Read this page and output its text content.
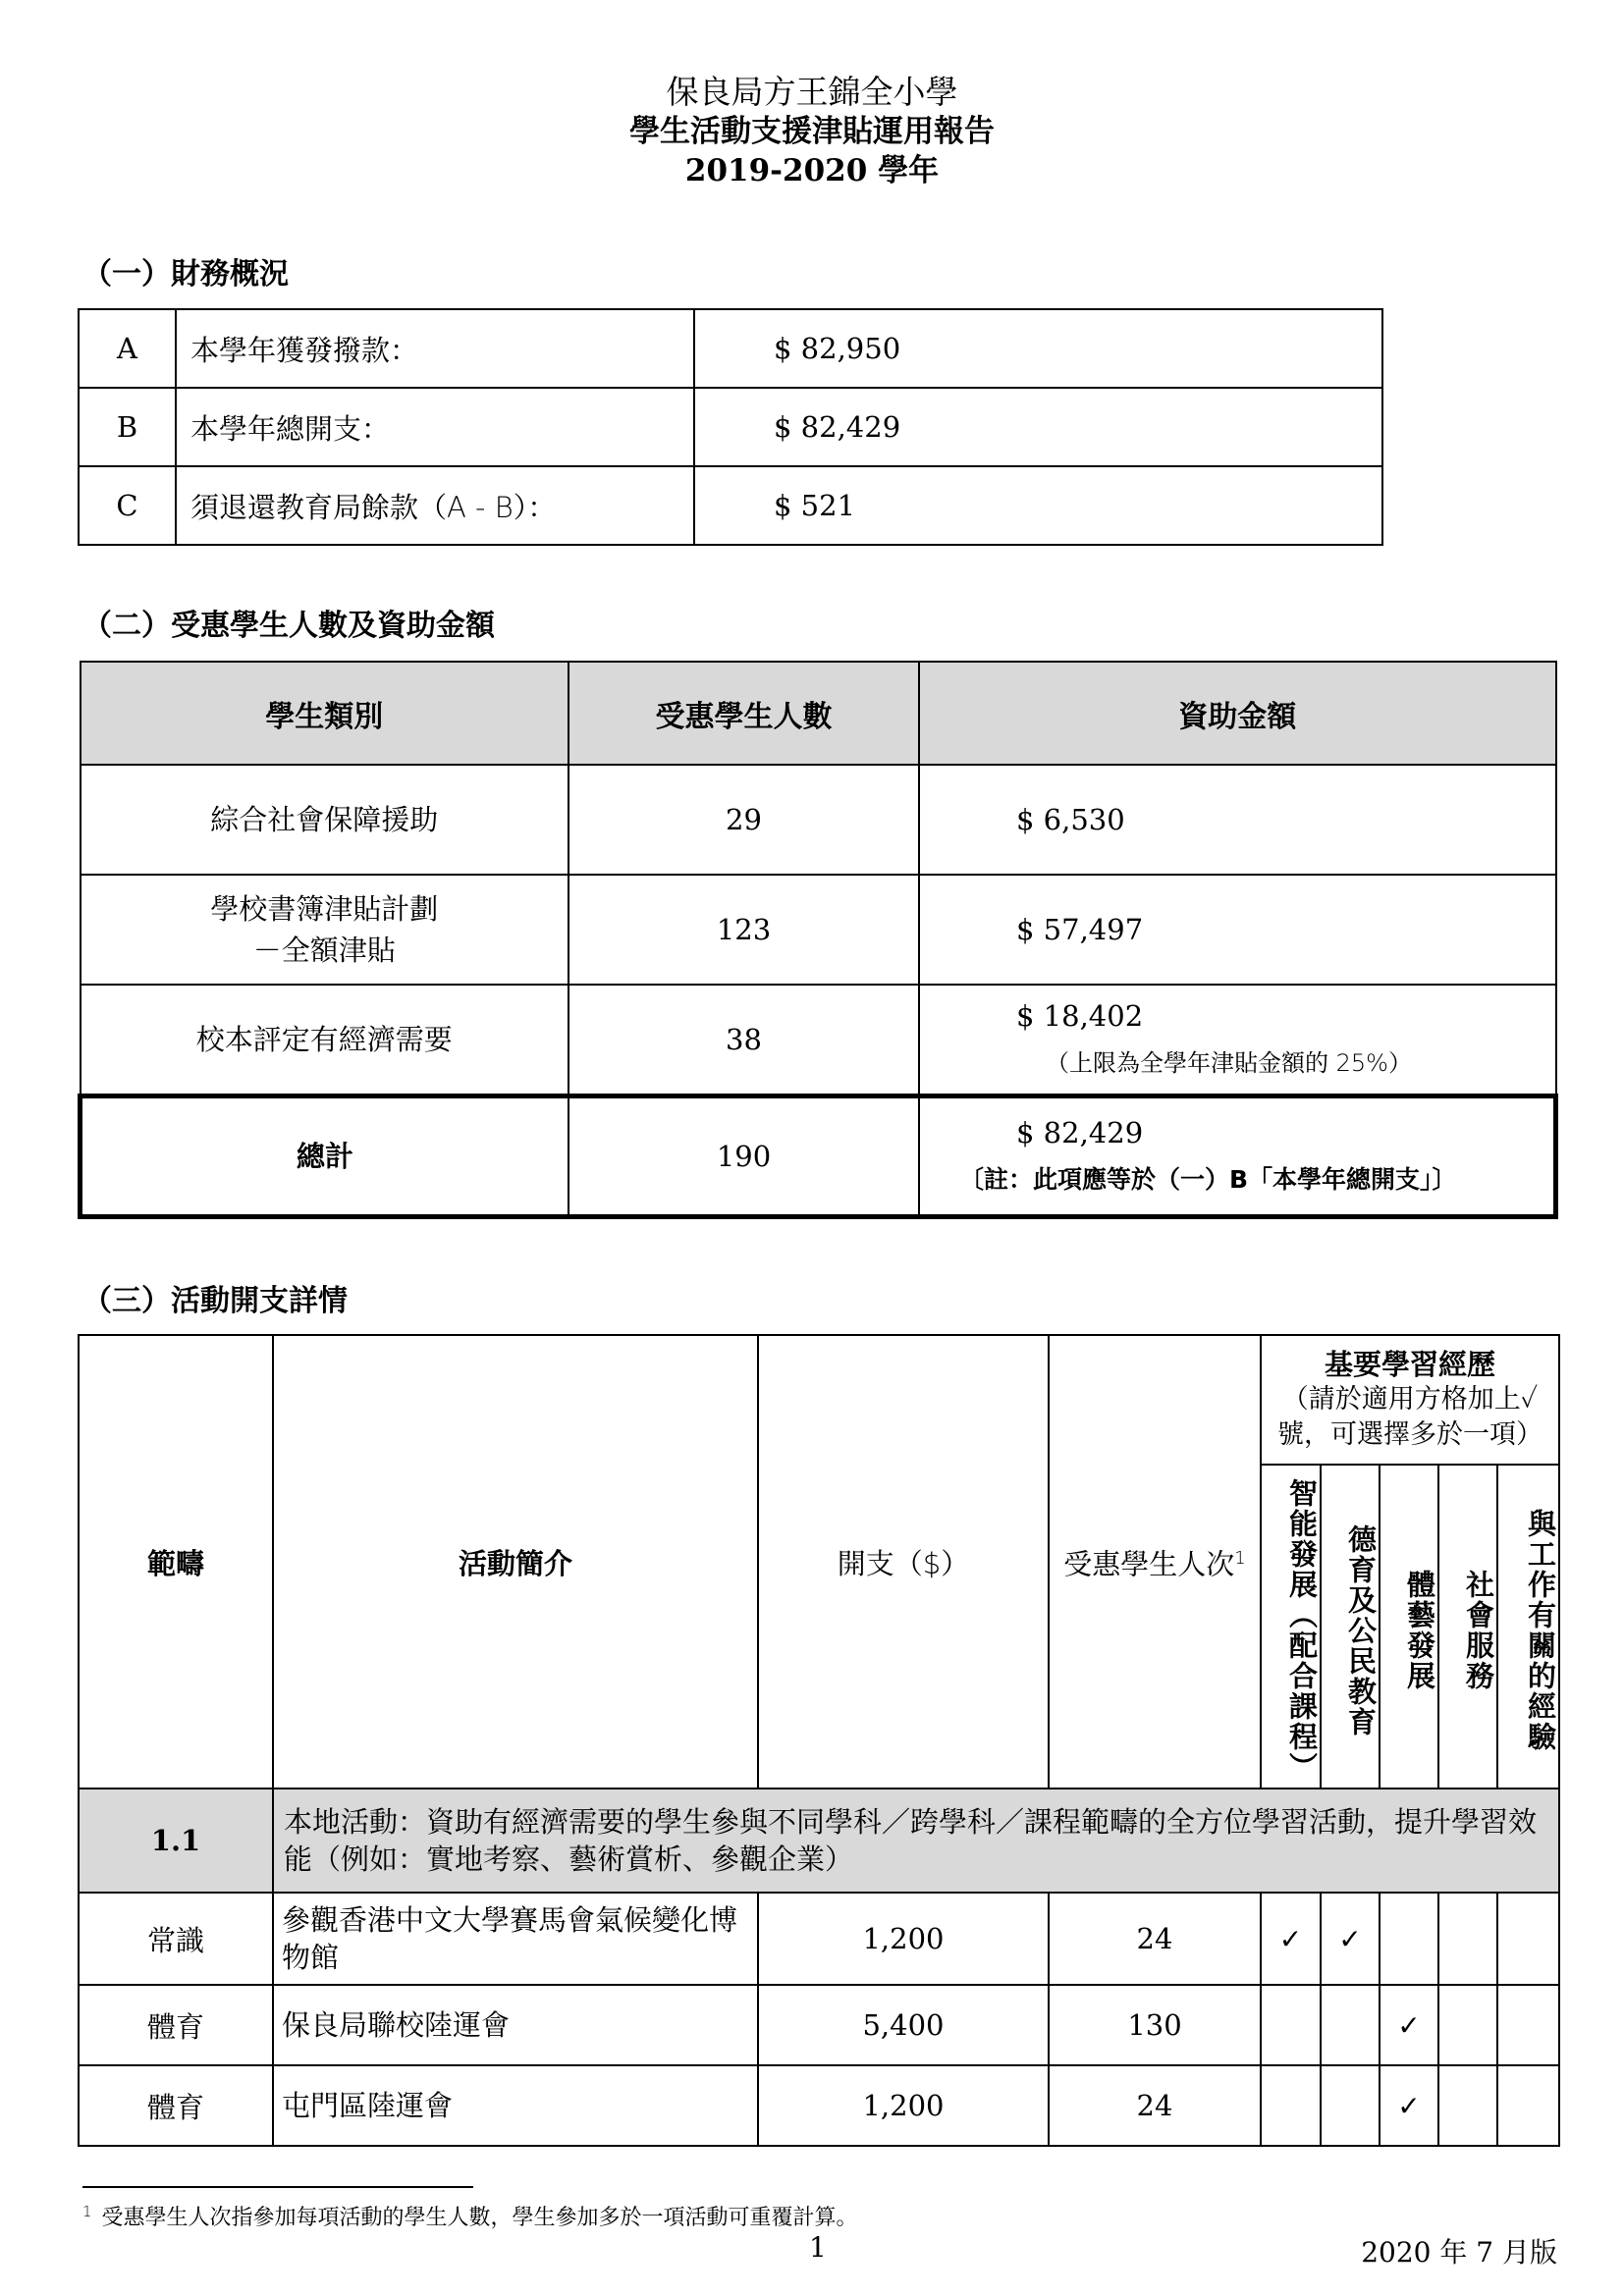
保良局方王錦全小學
學生活動支援津貼運用報告
2019-2020 學年
（一）財務概況
A	本學年獲發撥款：	$ 82,950
B	本學年總開支：	$ 82,429
C	須退還教育局餘款（A - B）：	$ 521
（二）受惠學生人數及資助金額
學生類別	受惠學生人數	資助金額
綜合社會保障援助	29	$ 6,530

學校書簿津貼計劃
－全額津貼	123	$ 57,497
校本評定有經濟需要	38	$ 18,402
（上限為全學年津貼金額的 25%）

總計	190	$ 82,429
〔註：此項應等於（一）B「本學年總開支」〕
（三）活動開支詳情
範疇	活動簡介	開支（$）	受惠學生人次$^1$	基要學習經歷
（請於適用方格加上✓號，可選擇多於一項）				

				智能發展（配合課程）	德育及公民教育	體藝發展	社會服務	與工作有關的經驗
1.1	本地活動：資助有經濟需要的學生參與不同學科／跨學科／課程範疇的全方位學習活動，提升學習效能（例如：實地考察、藝術賞析、參觀企業）							
常識	參觀香港中文大學賽馬會氣候變化博物館	1,200	24	✓	✓			
體育	保良局聯校陸運會	5,400	130			✓		
體育	屯門區陸運會	1,200	24			✓		
$^1$ 受惠學生人次指參加每項活動的學生人數，學生參加多於一項活動可重覆計算。
1	2020 年 7 月版
